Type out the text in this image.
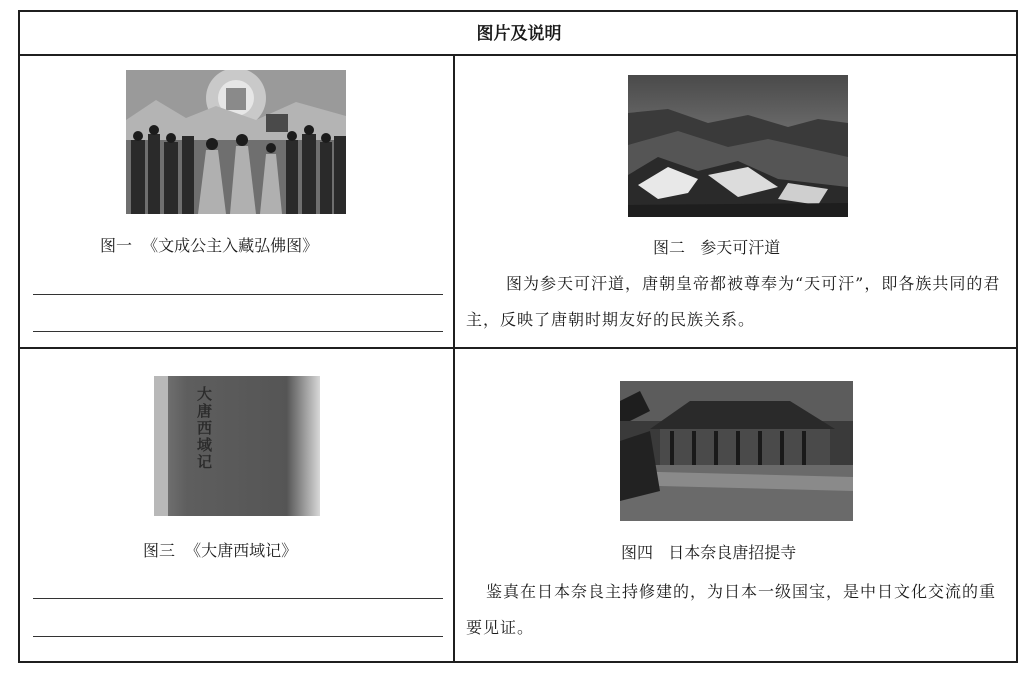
图片及说明
图一  《文成公主入藏弘佛图》	图二   参天可汗道
图为参天可汗道，唐朝皇帝都被尊奉为“天可汗”，即各族共同的君主，反映了唐朝时期友好的民族关系。
大唐西域记
图三  《大唐西域记》	图四   日本奈良唐招提寺
鉴真在日本奈良主持修建的，为日本一级国宝，是中日文化交流的重要见证。
